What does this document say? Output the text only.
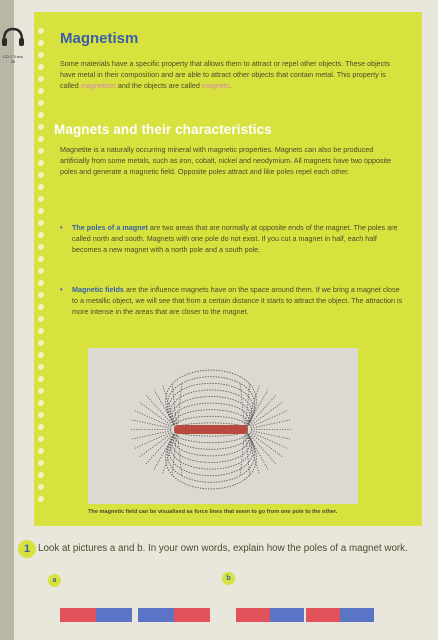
CD 2 Track 26
Magnetism
Some materials have a specific property that allows them to attract or repel other objects. These objects have metal in their composition and are able to attract other objects that contain metal. This property is called magnetism and the objects are called magnets.
Magnets and their characteristics
Magnetite is a naturally occurring mineral with magnetic properties. Magnets can also be produced artificially from some metals, such as iron, cobalt, nickel and neodymium. All magnets have two opposite poles and generate a magnetic field. Opposite poles attract and like poles repel each other.
• The poles of a magnet are two areas that are normally at opposite ends of the magnet. The poles are called north and south. Magnets with one pole do not exist. If you cut a magnet in half, each half becomes a new magnet with a north pole and a south pole.
• Magnetic fields are the influence magnets have on the space around them. If we bring a magnet close to a metallic object, we will see that from a certain distance it starts to attract the object. The attraction is more intense in the areas that are closer to the magnet.
The magnetic field can be visualised as force lines that seem to go from one pole to the other.
1 Look at pictures a and b. In your own words, explain how the poles of a magnet work.
a	b
